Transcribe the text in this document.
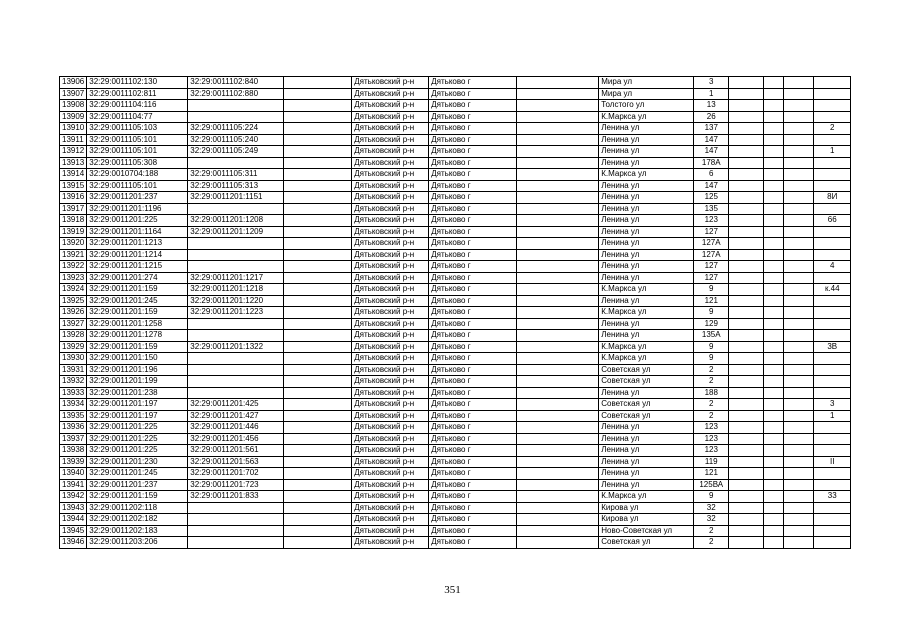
13906	32:29:0011102:130	32:29:0011102:840		Дятьковский р-н	Дятьково г		Мира ул	3				
13907	32:29:0011102:811	32:29:0011102:880		Дятьковский р-н	Дятьково г		Мира ул	1				
13908	32:29:0011104:116			Дятьковский р-н	Дятьково г		Толстого ул	13				
13909	32:29:0011104:77			Дятьковский р-н	Дятьково г		К.Маркса ул	26				
13910	32:29:0011105:103	32:29:0011105:224		Дятьковский р-н	Дятьково г		Ленина ул	137				2
13911	32:29:0011105:101	32:29:0011105:240		Дятьковский р-н	Дятьково г		Ленина ул	147				
13912	32:29:0011105:101	32:29:0011105:249		Дятьковский р-н	Дятьково г		Ленина ул	147				1
13913	32:29:0011105:308			Дятьковский р-н	Дятьково г		Ленина ул	178А				
13914	32:29:0010704:188	32:29:0011105:311		Дятьковский р-н	Дятьково г		К.Маркса ул	6				
13915	32:29:0011105:101	32:29:0011105:313		Дятьковский р-н	Дятьково г		Ленина ул	147				
13916	32:29:0011201:237	32:29:0011201:1151		Дятьковский р-н	Дятьково г		Ленина ул	125				8И
13917	32:29:0011201:1196			Дятьковский р-н	Дятьково г		Ленина ул	135				
13918	32:29:0011201:225	32:29:0011201:1208		Дятьковский р-н	Дятьково г		Ленина ул	123				66
13919	32:29:0011201:1164	32:29:0011201:1209		Дятьковский р-н	Дятьково г		Ленина ул	127				
13920	32:29:0011201:1213			Дятьковский р-н	Дятьково г		Ленина ул	127А				
13921	32:29:0011201:1214			Дятьковский р-н	Дятьково г		Ленина ул	127А				
13922	32:29:0011201:1215			Дятьковский р-н	Дятьково г		Ленина ул	127				4
13923	32:29:0011201:274	32:29:0011201:1217		Дятьковский р-н	Дятьково г		Ленина ул	127				
13924	32:29:0011201:159	32:29:0011201:1218		Дятьковский р-н	Дятьково г		К.Маркса ул	9				к.44
13925	32:29:0011201:245	32:29:0011201:1220		Дятьковский р-н	Дятьково г		Ленина ул	121				
13926	32:29:0011201:159	32:29:0011201:1223		Дятьковский р-н	Дятьково г		К.Маркса ул	9				
13927	32:29:0011201:1258			Дятьковский р-н	Дятьково г		Ленина ул	129				
13928	32:29:0011201:1278			Дятьковский р-н	Дятьково г		Ленина ул	135А				
13929	32:29:0011201:159	32:29:0011201:1322		Дятьковский р-н	Дятьково г		К.Маркса ул	9				3В
13930	32:29:0011201:150			Дятьковский р-н	Дятьково г		К.Маркса ул	9				
13931	32:29:0011201:196			Дятьковский р-н	Дятьково г		Советская ул	2				
13932	32:29:0011201:199			Дятьковский р-н	Дятьково г		Советская ул	2				
13933	32:29:0011201:238			Дятьковский р-н	Дятьково г		Ленина ул	188				
13934	32:29:0011201:197	32:29:0011201:425		Дятьковский р-н	Дятьково г		Советская ул	2				3
13935	32:29:0011201:197	32:29:0011201:427		Дятьковский р-н	Дятьково г		Советская ул	2				1
13936	32:29:0011201:225	32:29:0011201:446		Дятьковский р-н	Дятьково г		Ленина ул	123				
13937	32:29:0011201:225	32:29:0011201:456		Дятьковский р-н	Дятьково г		Ленина ул	123				
13938	32:29:0011201:225	32:29:0011201:561		Дятьковский р-н	Дятьково г		Ленина ул	123				
13939	32:29:0011201:230	32:29:0011201:563		Дятьковский р-н	Дятьково г		Ленина ул	119				II
13940	32:29:0011201:245	32:29:0011201:702		Дятьковский р-н	Дятьково г		Ленина ул	121				
13941	32:29:0011201:237	32:29:0011201:723		Дятьковский р-н	Дятьково г		Ленина ул	125ВА				
13942	32:29:0011201:159	32:29:0011201:833		Дятьковский р-н	Дятьково г		К.Маркса ул	9				33
13943	32:29:0011202:118			Дятьковский р-н	Дятьково г		Кирова ул	32				
13944	32:29:0011202:182			Дятьковский р-н	Дятьково г		Кирова ул	32				
13945	32:29:0011202:183			Дятьковский р-н	Дятьково г		Ново-Советская ул	2				
13946	32:29:0011203:206			Дятьковский р-н	Дятьково г		Советская ул	2				
351
